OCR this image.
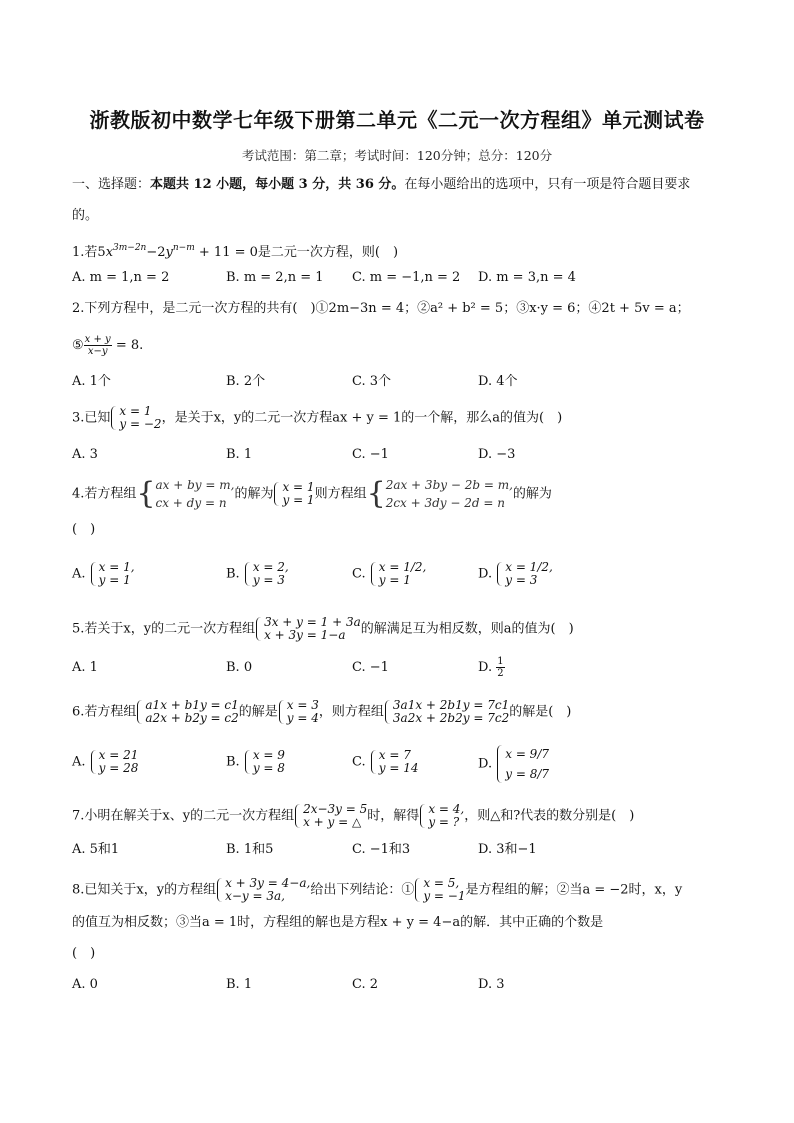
浙教版初中数学七年级下册第二单元《二元一次方程组》单元测试卷
考试范围：第二章；考试时间：120分钟；总分：120分
一、选择题：本题共 12 小题，每小题 3 分，共 36 分。在每小题给出的选项中，只有一项是符合题目要求
的。
1.若$5x^{3m-2n}-2y^{n-m} + 11 = 0$是二元一次方程，则(　)
A. m = 1,n = 2	B. m = 2,n = 1 C. m = −1,n = 2 D. m = 3,n = 4
2.下列方程中，是二元一次方程的共有(　)①2m−3n = 4；②a² + b² = 5；③x·y = 6；④2t + 5v = a；
⑤ $\frac{x + y}{x-y} = 8$.
A. 1个	B. 2个	C. 3个	D. 4个
3.已知 x = 1
y = −2 ，是关于x，y的二元一次方程ax + y = 1的一个解，那么a的值为(　)
A. 3	B. 1	C. −1	D. −3
4.若方程组{ ax + by = m,
cx + dy = n
的解为 x = 1
y = 1 则方程组{ 2ax + 3by − 2b = m,
2cx + 3dy − 2d = n
的解为
(　)
A. x = 1,
y = 1	B. x = 2,
y = 3	C. x = 1/2,
y = 1	D. x = 1/2,
y = 3
5.若关于x，y的二元一次方程组 3x + y = 1 + 3a
x + 3y = 1−a	的解满足互为相反数，则a的值为(　)
A. 1	B. 0	C. −1	D. $\frac{1}{2}$
6.若方程组 a1x + b1y = c1
a2x + b2y = c2 的解是 x = 3
y = 4 ，则方程组 3a1x + 2b1y = 7c1
3a2x + 2b2y = 7c2 的解是(　)
A. x = 21
y = 28	B. x = 9
y = 8	C. x = 7
y = 14	D.
x = 9/7
y = 8/7
7.小明在解关于x、y的二元一次方程组 2x−3y = 5
x + y = △ 时，解得 x = 4,
y = ? ，则△和?代表的数分别是(　)
A. 5和1	B. 1和5	C. −1和3	D. 3和−1
8.已知关于x，y的方程组 x + 3y = 4−a,
x−y = 3a,	给出下列结论：① x = 5,
y = −1 是方程组的解；②当a = −2时，x，y
的值互为相反数；③当a = 1时，方程组的解也是方程x + y = 4−a的解．其中正确的个数是
(　)
A. 0	B. 1	C. 2	D. 3
